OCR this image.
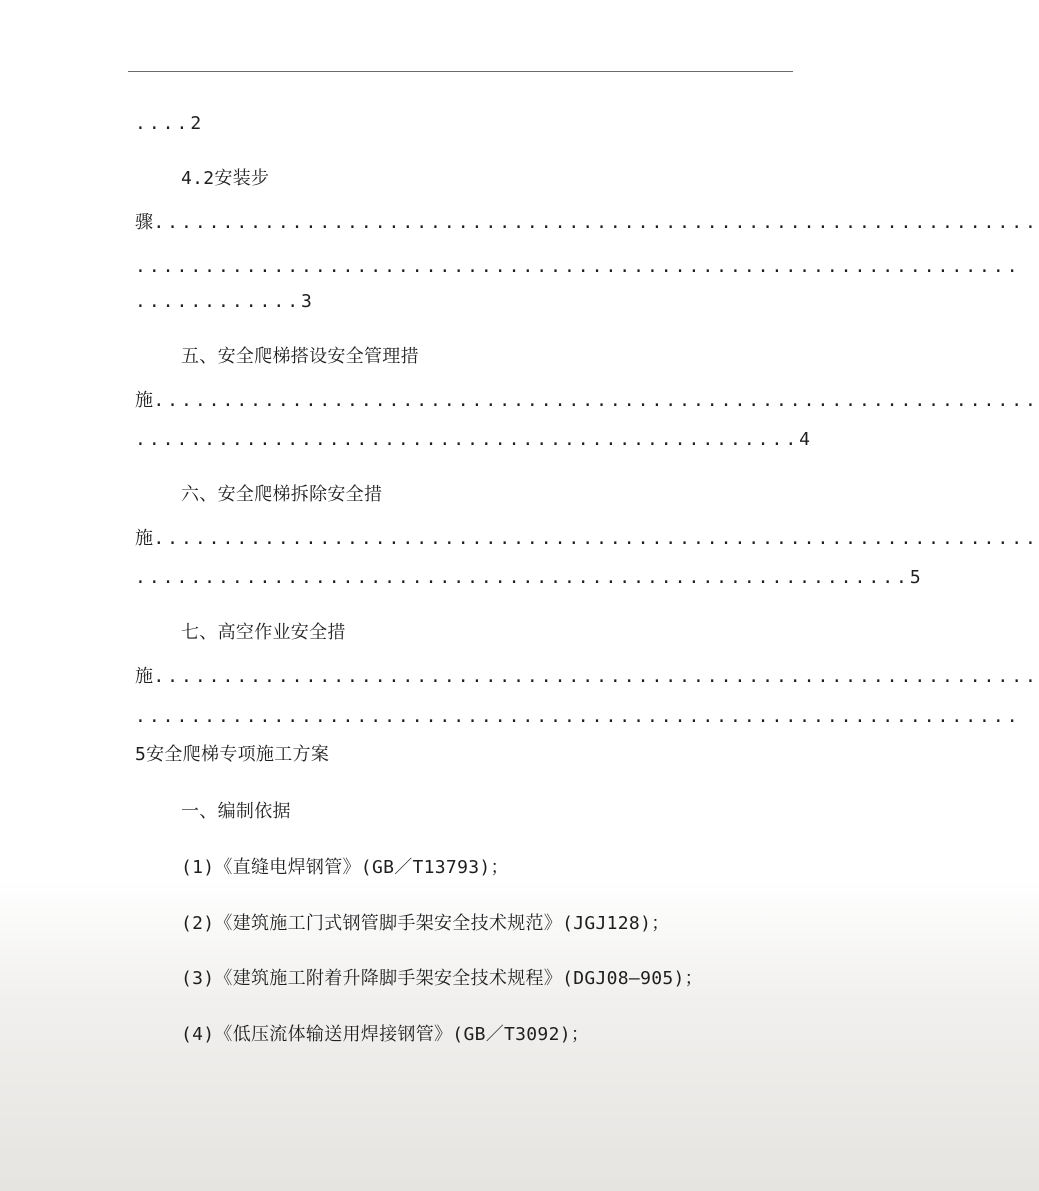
....2
4.2安装步
骤................................................................
................................................................
............3
五、安全爬梯搭设安全管理措
施................................................................
................................................4
六、安全爬梯拆除安全措
施................................................................
........................................................5
七、高空作业安全措
施................................................................
................................................................
5安全爬梯专项施工方案
一、编制依据
(1)《直缝电焊钢管》(GB／T13793)；
(2)《建筑施工门式钢管脚手架安全技术规范》(JGJ128)；
(3)《建筑施工附着升降脚手架安全技术规程》(DGJ08—905)；
(4)《低压流体输送用焊接钢管》(GB／T3092)；
